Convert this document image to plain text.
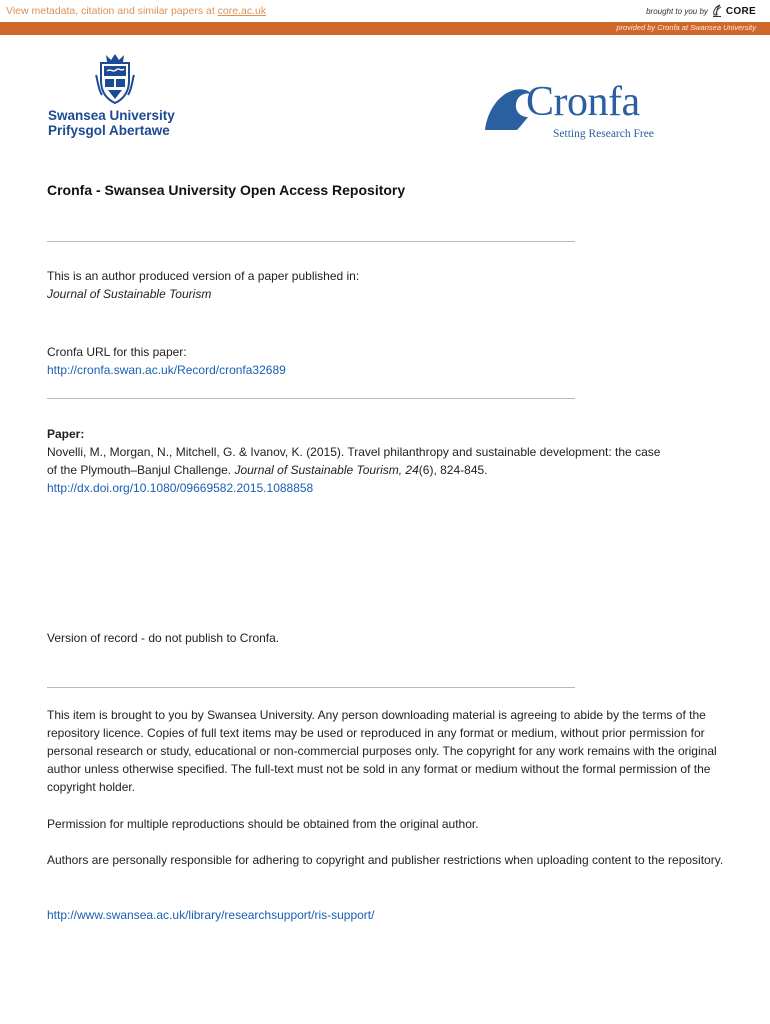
View metadata, citation and similar papers at core.ac.uk	brought to you by CORE
provided by Cronfa at Swansea University
Swansea University
Prifysgol Abertawe
Cronfa
Setting Research Free
Cronfa - Swansea University Open Access Repository
This is an author produced version of a paper published in:
Journal of Sustainable Tourism
Cronfa URL for this paper:
http://cronfa.swan.ac.uk/Record/cronfa32689
Paper:
Novelli, M., Morgan, N., Mitchell, G. & Ivanov, K. (2015). Travel philanthropy and sustainable development: the case
of the Plymouth–Banjul Challenge. Journal of Sustainable Tourism, 24(6), 824-845.
http://dx.doi.org/10.1080/09669582.2015.1088858
Version of record - do not publish to Cronfa.
This item is brought to you by Swansea University. Any person downloading material is agreeing to abide by the terms of the repository licence. Copies of full text items may be used or reproduced in any format or medium, without prior permission for personal research or study, educational or non-commercial purposes only. The copyright for any work remains with the original author unless otherwise specified. The full-text must not be sold in any format or medium without the formal permission of the copyright holder.
Permission for multiple reproductions should be obtained from the original author.
Authors are personally responsible for adhering to copyright and publisher restrictions when uploading content to the repository.
http://www.swansea.ac.uk/library/researchsupport/ris-support/
